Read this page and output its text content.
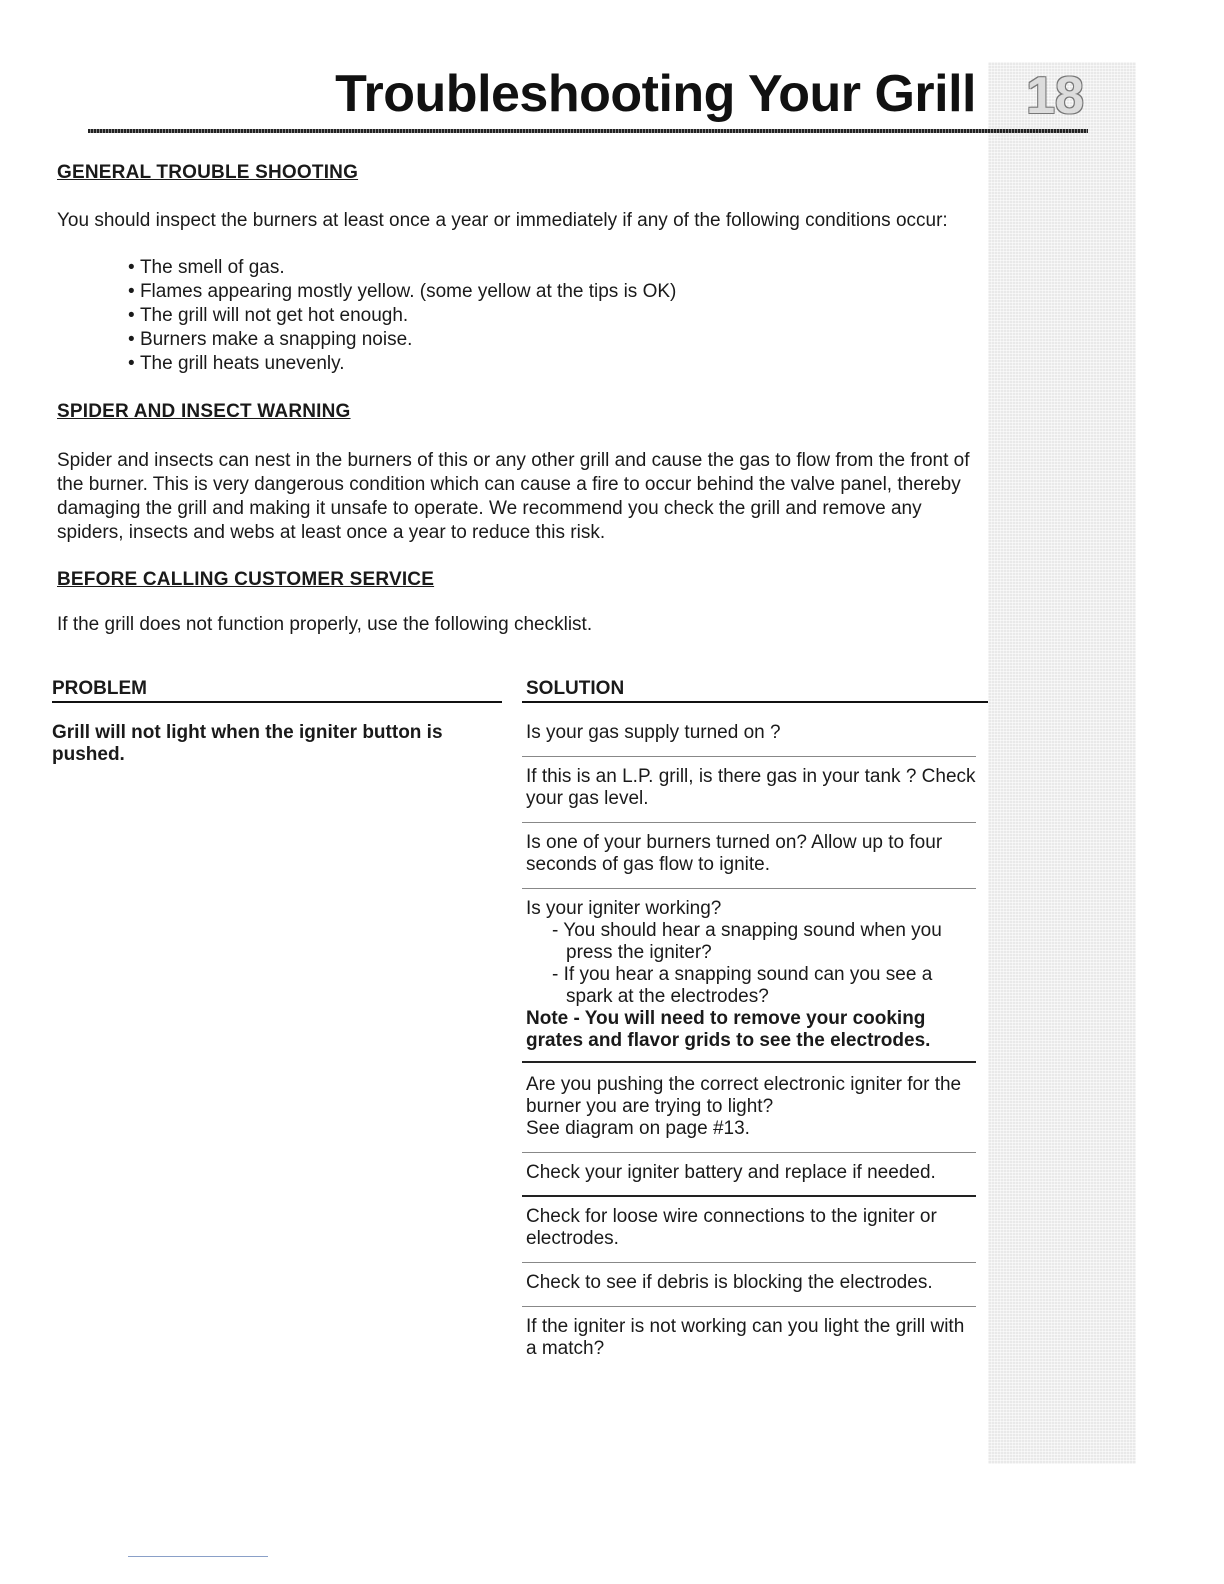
Troubleshooting Your Grill 18
GENERAL TROUBLE SHOOTING

You should inspect the burners at least once a year or immediately if any of the following conditions occur:

• The smell of gas.
• Flames appearing mostly yellow. (some yellow at the tips is OK)
• The grill will not get hot enough.
• Burners make a snapping noise.
• The grill heats unevenly.
SPIDER AND INSECT WARNING

Spider and insects can nest in the burners of this or any other grill and cause the gas to flow from the front of the burner. This is very dangerous condition which can cause a fire to occur behind the valve panel, thereby damaging the grill and making it unsafe to operate. We recommend you check the grill and remove any spiders, insects and webs at least once a year to reduce this risk.

BEFORE CALLING CUSTOMER SERVICE

If the grill does not function properly, use the following checklist.

PROBLEM	SOLUTION

Grill will not light when the igniter button is pushed.

Is your gas supply turned on ?

If this is an L.P. grill, is there gas in your tank ? Check your gas level.

Is one of your burners turned on? Allow up to four seconds of gas flow to ignite.

Is your igniter working?
- You should hear a snapping sound when you press the igniter?
- If you hear a snapping sound can you see a spark at the electrodes?
Note - You will need to remove your cooking grates and flavor grids to see the electrodes.
Are you pushing the correct electronic igniter for the burner you are trying to light?
See diagram on page #13.

Check your igniter battery and replace if needed.

Check for loose wire connections to the igniter or electrodes.

Check to see if debris is blocking the electrodes.

If the igniter is not working can you light the grill with a match?
